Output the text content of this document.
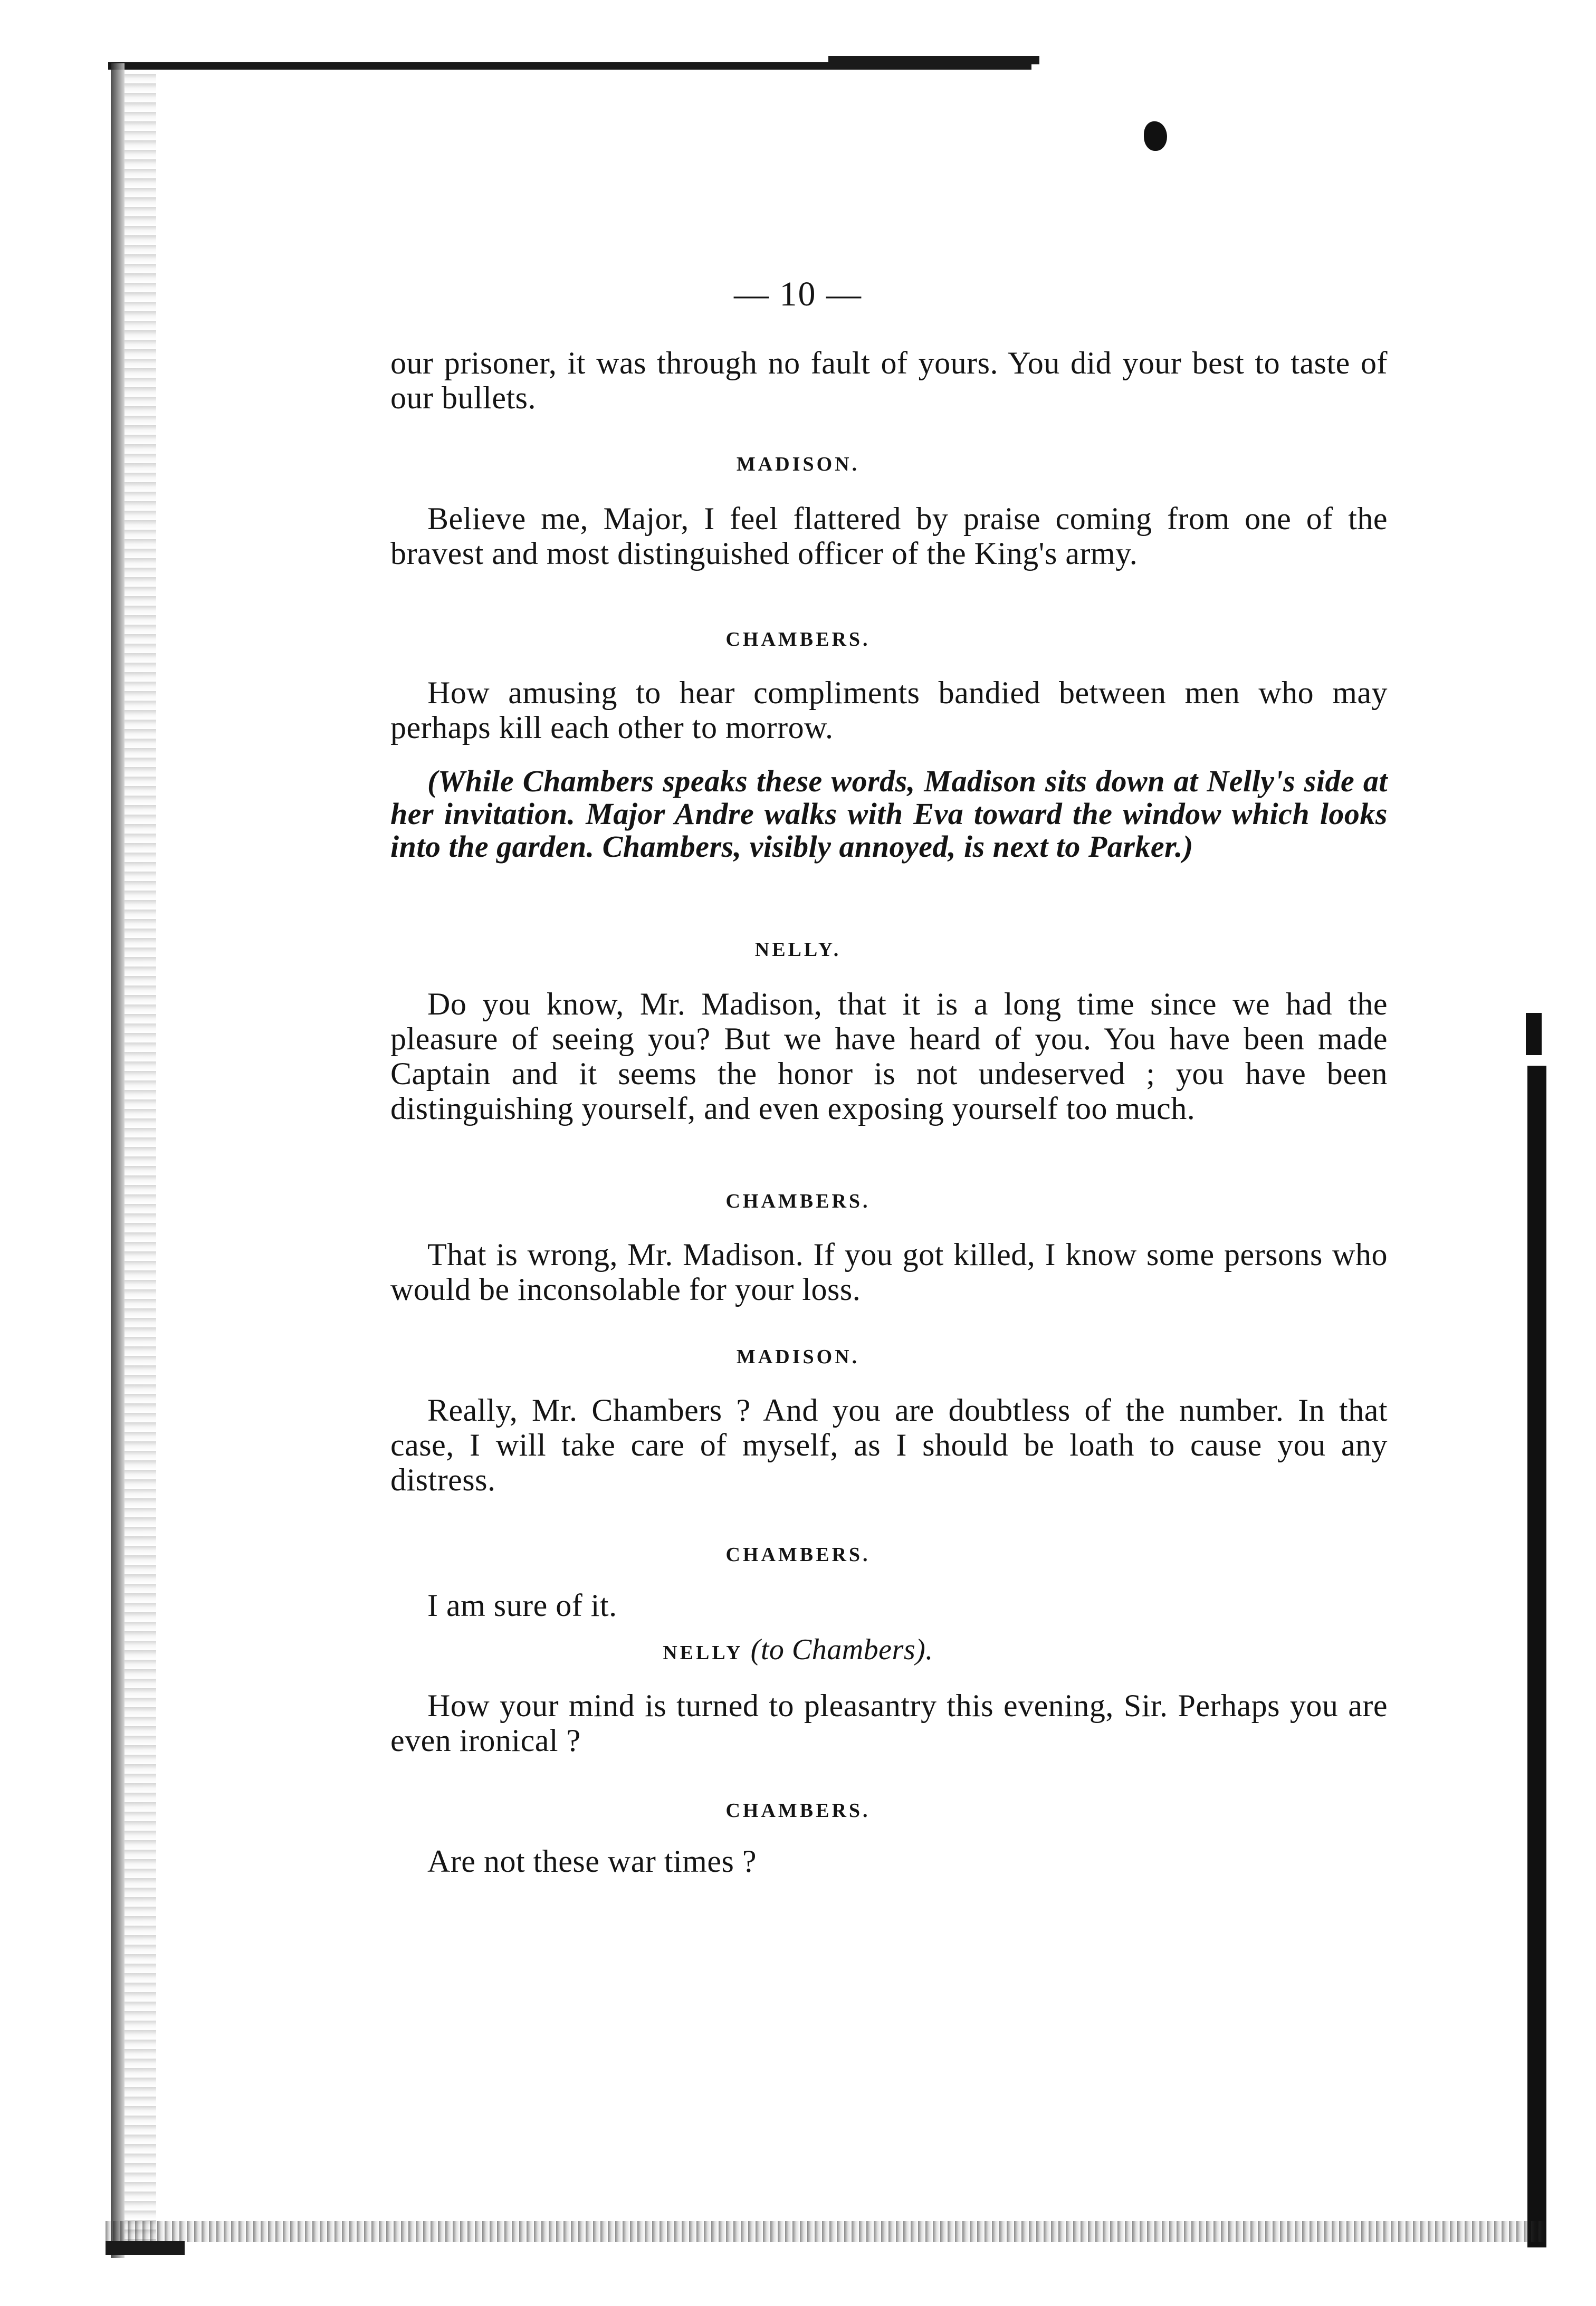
— 10 —

our prisoner, it was through no fault of yours. You did your best to taste of our bullets.

MADISON.

Believe me, Major, I feel flattered by praise coming from one of the bravest and most distinguished officer of the King's army.

CHAMBERS.

How amusing to hear compliments bandied between men who may perhaps kill each other to morrow.

(While Chambers speaks these words, Madison sits down at Nelly's side at her invitation. Major Andre walks with Eva toward the window which looks into the garden. Chambers, visibly annoyed, is next to Parker.)

NELLY.

Do you know, Mr. Madison, that it is a long time since we had the pleasure of seeing you? But we have heard of you. You have been made Captain and it seems the honor is not undeserved ; you have been distinguishing yourself, and even exposing yourself too much.

CHAMBERS.

That is wrong, Mr. Madison. If you got killed, I know some persons who would be inconsolable for your loss.

MADISON.

Really, Mr. Chambers ? And you are doubtless of the number. In that case, I will take care of myself, as I should be loath to cause you any distress.

CHAMBERS.

I am sure of it.

NELLY (to Chambers).

How your mind is turned to pleasantry this evening, Sir. Perhaps you are even ironical ?

CHAMBERS.

Are not these war times ?
